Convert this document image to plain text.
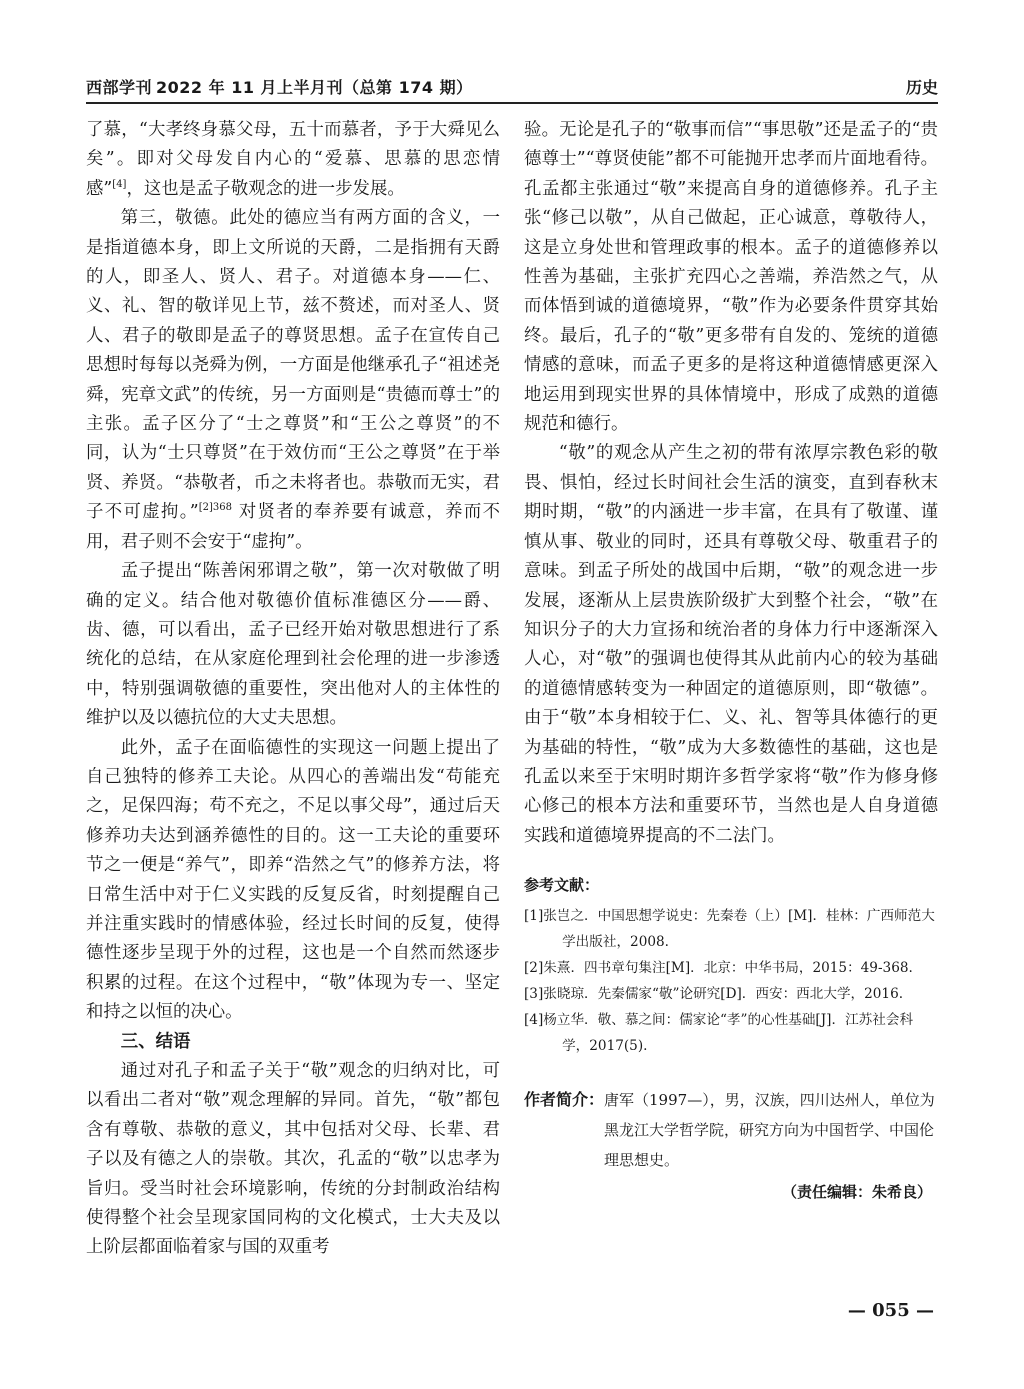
西部学刊 2022 年 11 月上半月刊（总第 174 期）	历史

了慕，“大孝终身慕父母，五十而慕者，予于大舜见么矣”。即对父母发自内心的“爱慕、思慕的思恋情感”[4]，这也是孟子敬观念的进一步发展。

第三，敬德。此处的德应当有两方面的含义，一是指道德本身，即上文所说的天爵，二是指拥有天爵的人，即圣人、贤人、君子。对道德本身——仁、义、礼、智的敬详见上节，兹不赘述，而对圣人、贤人、君子的敬即是孟子的尊贤思想。孟子在宣传自己思想时每每以尧舜为例，一方面是他继承孔子“祖述尧舜，宪章文武”的传统，另一方面则是“贵德而尊士”的主张。孟子区分了“士之尊贤”和“王公之尊贤”的不同，认为“士只尊贤”在于效仿而“王公之尊贤”在于举贤、养贤。“恭敬者，币之未将者也。恭敬而无实，君子不可虚拘。”$^{[2]368}$ 对贤者的奉养要有诚意，养而不用，君子则不会安于“虚拘”。

孟子提出“陈善闲邪谓之敬”，第一次对敬做了明确的定义。结合他对敬德价值标准德区分——爵、齿、德，可以看出，孟子已经开始对敬思想进行了系统化的总结，在从家庭伦理到社会伦理的进一步渗透中，特别强调敬德的重要性，突出他对人的主体性的维护以及以德抗位的大丈夫思想。

此外，孟子在面临德性的实现这一问题上提出了自己独特的修养工夫论。从四心的善端出发“苟能充之，足保四海；苟不充之，不足以事父母”，通过后天修养功夫达到涵养德性的目的。这一工夫论的重要环节之一便是“养气”，即养“浩然之气”的修养方法，将日常生活中对于仁义实践的反复反省，时刻提醒自己并注重实践时的情感体验，经过长时间的反复，使得德性逐步呈现于外的过程，这也是一个自然而然逐步积累的过程。在这个过程中，“敬”体现为专一、坚定和持之以恒的决心。

三、结语

通过对孔子和孟子关于“敬”观念的归纳对比，可以看出二者对“敬”观念理解的异同。首先，“敬”都包含有尊敬、恭敬的意义，其中包括对父母、长辈、君子以及有德之人的崇敬。其次，孔孟的“敬”以忠孝为旨归。受当时社会环境影响，传统的分封制政治结构使得整个社会呈现家国同构的文化模式，士大夫及以上阶层都面临着家与国的双重考

验。无论是孔子的“敬事而信”“事思敬”还是孟子的“贵德尊士”“尊贤使能”都不可能抛开忠孝而片面地看待。孔孟都主张通过“敬”来提高自身的道德修养。孔子主张“修己以敬”，从自己做起，正心诚意，尊敬待人，这是立身处世和管理政事的根本。孟子的道德修养以性善为基础，主张扩充四心之善端，养浩然之气，从而体悟到诚的道德境界，“敬”作为必要条件贯穿其始终。最后，孔子的“敬”更多带有自发的、笼统的道德情感的意味，而孟子更多的是将这种道德情感更深入地运用到现实世界的具体情境中，形成了成熟的道德规范和德行。

“敬”的观念从产生之初的带有浓厚宗教色彩的敬畏、惧怕，经过长时间社会生活的演变，直到春秋末期时期，“敬”的内涵进一步丰富，在具有了敬谨、谨慎从事、敬业的同时，还具有尊敬父母、敬重君子的意味。到孟子所处的战国中后期，“敬”的观念进一步发展，逐渐从上层贵族阶级扩大到整个社会，“敬”在知识分子的大力宣扬和统治者的身体力行中逐渐深入人心，对“敬”的强调也使得其从此前内心的较为基础的道德情感转变为一种固定的道德原则，即“敬德”。由于“敬”本身相较于仁、义、礼、智等具体德行的更为基础的特性，“敬”成为大多数德性的基础，这也是孔孟以来至于宋明时期许多哲学家将“敬”作为修身修心修己的根本方法和重要环节，当然也是人自身道德实践和道德境界提高的不二法门。

参考文献：
[1]张岂之．中国思想学说史：先秦卷（上）[M]．桂林：广西师范大学出版社，2008.
[2]朱熹．四书章句集注[M]．北京：中华书局，2015：49-368.
[3]张晓琼．先秦儒家“敬”论研究[D]．西安：西北大学，2016.
[4]杨立华．敬、慕之间：儒家论“孝”的心性基础[J]．江苏社会科学，2017(5).
作者简介： 唐军（1997—），男，汉族，四川达州人，单位为黑龙江大学哲学院，研究方向为中国哲学、中国伦理思想史。
（责任编辑：朱希良）
— 055 —
